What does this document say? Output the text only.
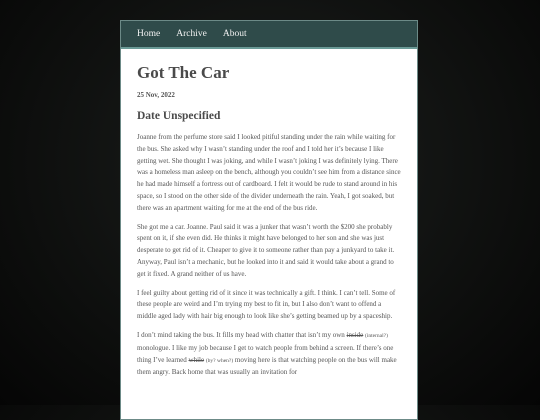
Home Archive About
Got The Car
25 Nov, 2022
Date Unspecified

Joanne from the perfume store said I looked pitiful standing under the rain while waiting for the bus. She asked why I wasn’t standing under the roof and I told her it’s because I like getting wet. She thought I was joking, and while I wasn’t joking I was definitely lying. There was a homeless man asleep on the bench, although you couldn’t see him from a distance since he had made himself a fortress out of cardboard. I felt it would be rude to stand around in his space, so I stood on the other side of the divider underneath the rain. Yeah, I got soaked, but there was an apartment waiting for me at the end of the bus ride.

She got me a car. Joanne. Paul said it was a junker that wasn’t worth the $200 she probably spent on it, if she even did. He thinks it might have belonged to her son and she was just desperate to get rid of it. Cheaper to give it to someone rather than pay a junkyard to take it. Anyway, Paul isn’t a mechanic, but he looked into it and said it would take about a grand to get it fixed. A grand neither of us have.

I feel guilty about getting rid of it since it was technically a gift. I think. I can’t tell. Some of these people are weird and I’m trying my best to fit in, but I also don’t want to offend a middle aged lady with hair big enough to look like she’s getting beamed up by a spaceship.

I don’t mind taking the bus. It fills my head with chatter that isn’t my own inside (internal?) monologue. I like my job because I get to watch people from behind a screen. If there’s one thing I’ve learned while (by? when?) moving here is that watching people on the bus will make them angry. Back home that was usually an invitation for
